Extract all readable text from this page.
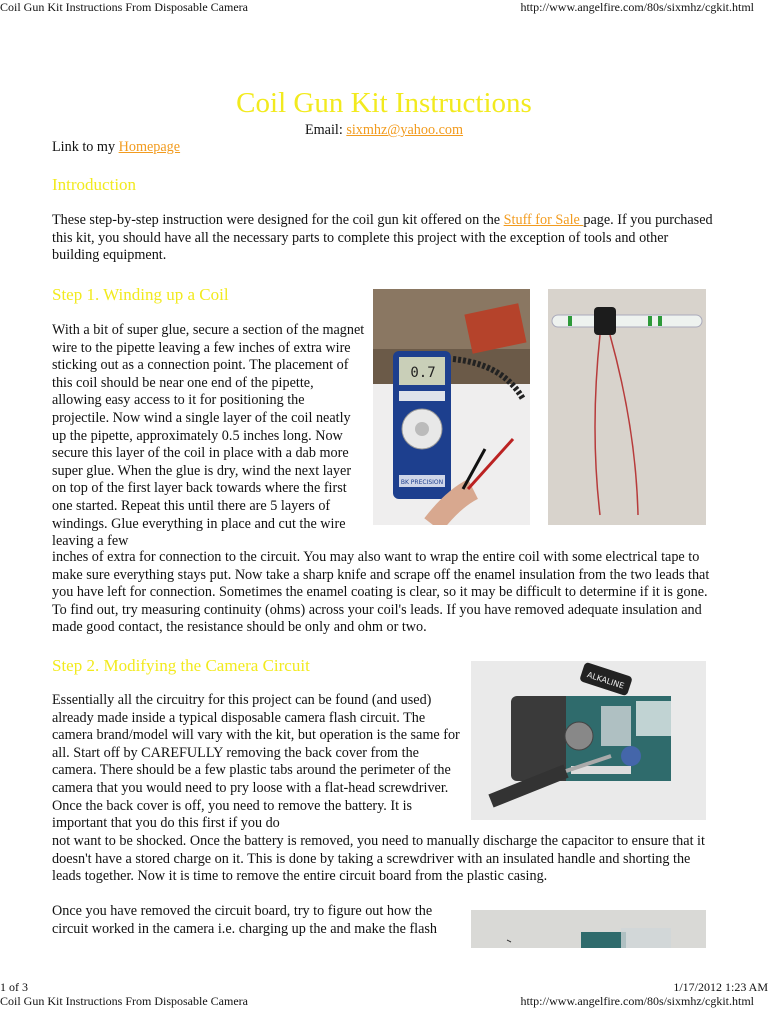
Coil Gun Kit Instructions From Disposable Camera	http://www.angelfire.com/80s/sixmhz/cgkit.html
Coil Gun Kit Instructions
Email: sixmhz@yahoo.com
Link to my Homepage
Introduction

These step-by-step instruction were designed for the coil gun kit offered on the Stuff for Sale page. If you purchased this kit, you should have all the necessary parts to complete this project with the exception of tools and other building equipment.

Step 1. Winding up a Coil

With a bit of super glue, secure a section of the magnet wire to the pipette leaving a few inches of extra wire sticking out as a connection point. The placement of this coil should be near one end of the pipette, allowing easy access to it for positioning the projectile. Now wind a single layer of the coil neatly up the pipette, approximately 0.5 inches long. Now secure this layer of the coil in place with a dab more super glue. When the glue is dry, wind the next layer on top of the first layer back towards where the first one started. Repeat this until there are 5 layers of windings. Glue everything in place and cut the wire leaving a few

inches of extra for connection to the circuit. You may also want to wrap the entire coil with some electrical tape to make sure everything stays put. Now take a sharp knife and scrape off the enamel insulation from the two leads that you have left for connection. Sometimes the enamel coating is clear, so it may be difficult to determine if it is gone. To find out, try measuring continuity (ohms) across your coil's leads. If you have removed adequate insulation and made good contact, the resistance should be only and ohm or two.

0.7
BK PRECISION
Step 2. Modifying the Camera Circuit

Essentially all the circuitry for this project can be found (and used) already made inside a typical disposable camera flash circuit. The camera brand/model will vary with the kit, but operation is the same for all. Start off by CAREFULLY removing the back cover from the camera. There should be a few plastic tabs around the perimeter of the camera that you would need to pry loose with a flat-head screwdriver. Once the back cover is off, you need to remove the battery. It is important that you do this first if you do

not want to be shocked. Once the battery is removed, you need to manually discharge the capacitor to ensure that it doesn't have a stored charge on it. This is done by taking a screwdriver with an insulated handle and shorting the leads together. Now it is time to remove the entire circuit board from the plastic casing.

Once you have removed the circuit board, try to figure out how the circuit worked in the camera i.e. charging up the and make the flash

ALKALINE
1 of 3	1/17/2012 1:23 AM
Coil Gun Kit Instructions From Disposable Camera	http://www.angelfire.com/80s/sixmhz/cgkit.html
